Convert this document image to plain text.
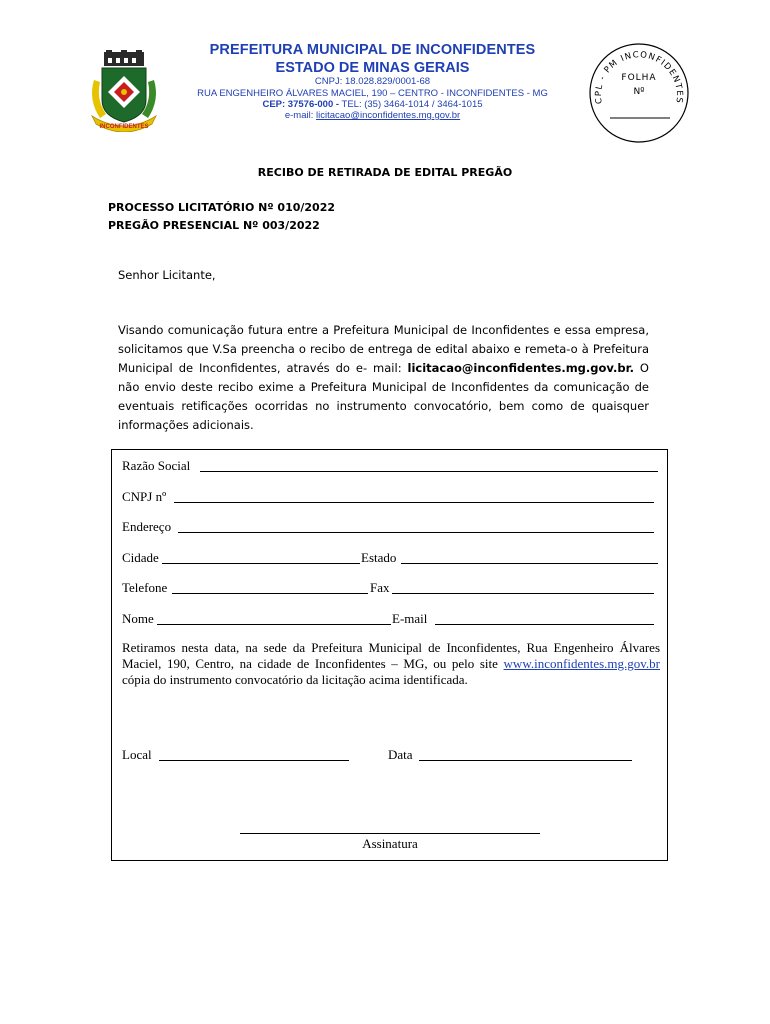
INCONFIDENTES
PREFEITURA MUNICIPAL DE INCONFIDENTES
ESTADO DE MINAS GERAIS
CNPJ: 18.028.829/0001-68
RUA ENGENHEIRO ÁLVARES MACIEL, 190 – CENTRO - INCONFIDENTES - MG
CEP: 37576-000 - TEL: (35) 3464-1014 / 3464-1015
e-mail: licitacao@inconfidentes.mg.gov.br
CPL - PM INCONFIDENTES
FOLHA
Nº
RECIBO DE RETIRADA DE EDITAL PREGÃO
PROCESSO LICITATÓRIO Nº 010/2022
PREGÃO PRESENCIAL Nº 003/2022
Senhor Licitante,
Visando comunicação futura entre a Prefeitura Municipal de Inconfidentes e essa empresa, solicitamos que V.Sa preencha o recibo de entrega de edital abaixo e remeta-o à Prefeitura Municipal de Inconfidentes, através do e- mail: licitacao@inconfidentes.mg.gov.br. O não envio deste recibo exime a Prefeitura Municipal de Inconfidentes da comunicação de eventuais retificações ocorridas no instrumento convocatório, bem como de quaisquer informações adicionais.
Razão Social
CNPJ nº
Endereço
Cidade	Estado
Telefone	Fax
Nome	E-mail
Retiramos nesta data, na sede da Prefeitura Municipal de Inconfidentes, Rua Engenheiro Álvares Maciel, 190, Centro, na cidade de Inconfidentes – MG, ou pelo site www.inconfidentes.mg.gov.br cópia do instrumento convocatório da licitação acima identificada.
Local	Data
Assinatura
